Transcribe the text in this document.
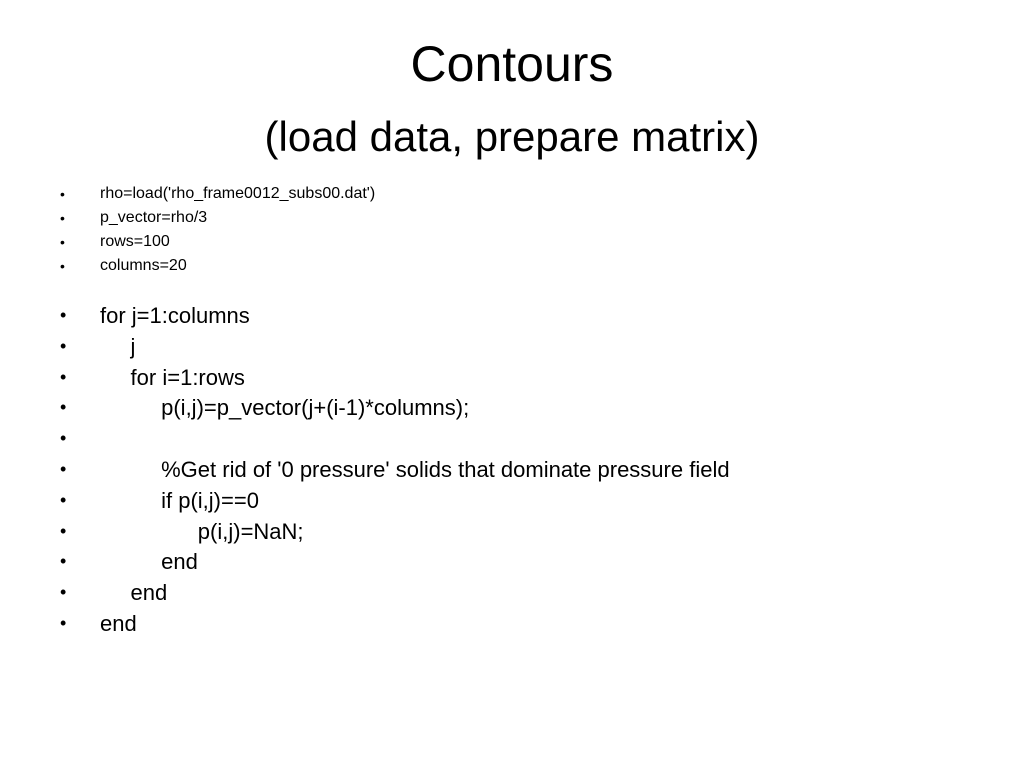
Contours
(load data, prepare matrix)
• rho=load('rho_frame0012_subs00.dat')
• p_vector=rho/3
• rows=100
• columns=20
• for j=1:columns
• j
• for i=1:rows
• p(i,j)=p_vector(j+(i-1)*columns);
•
• %Get rid of '0 pressure' solids that dominate pressure field
• if p(i,j)==0
• p(i,j)=NaN;
• end
• end
• end
